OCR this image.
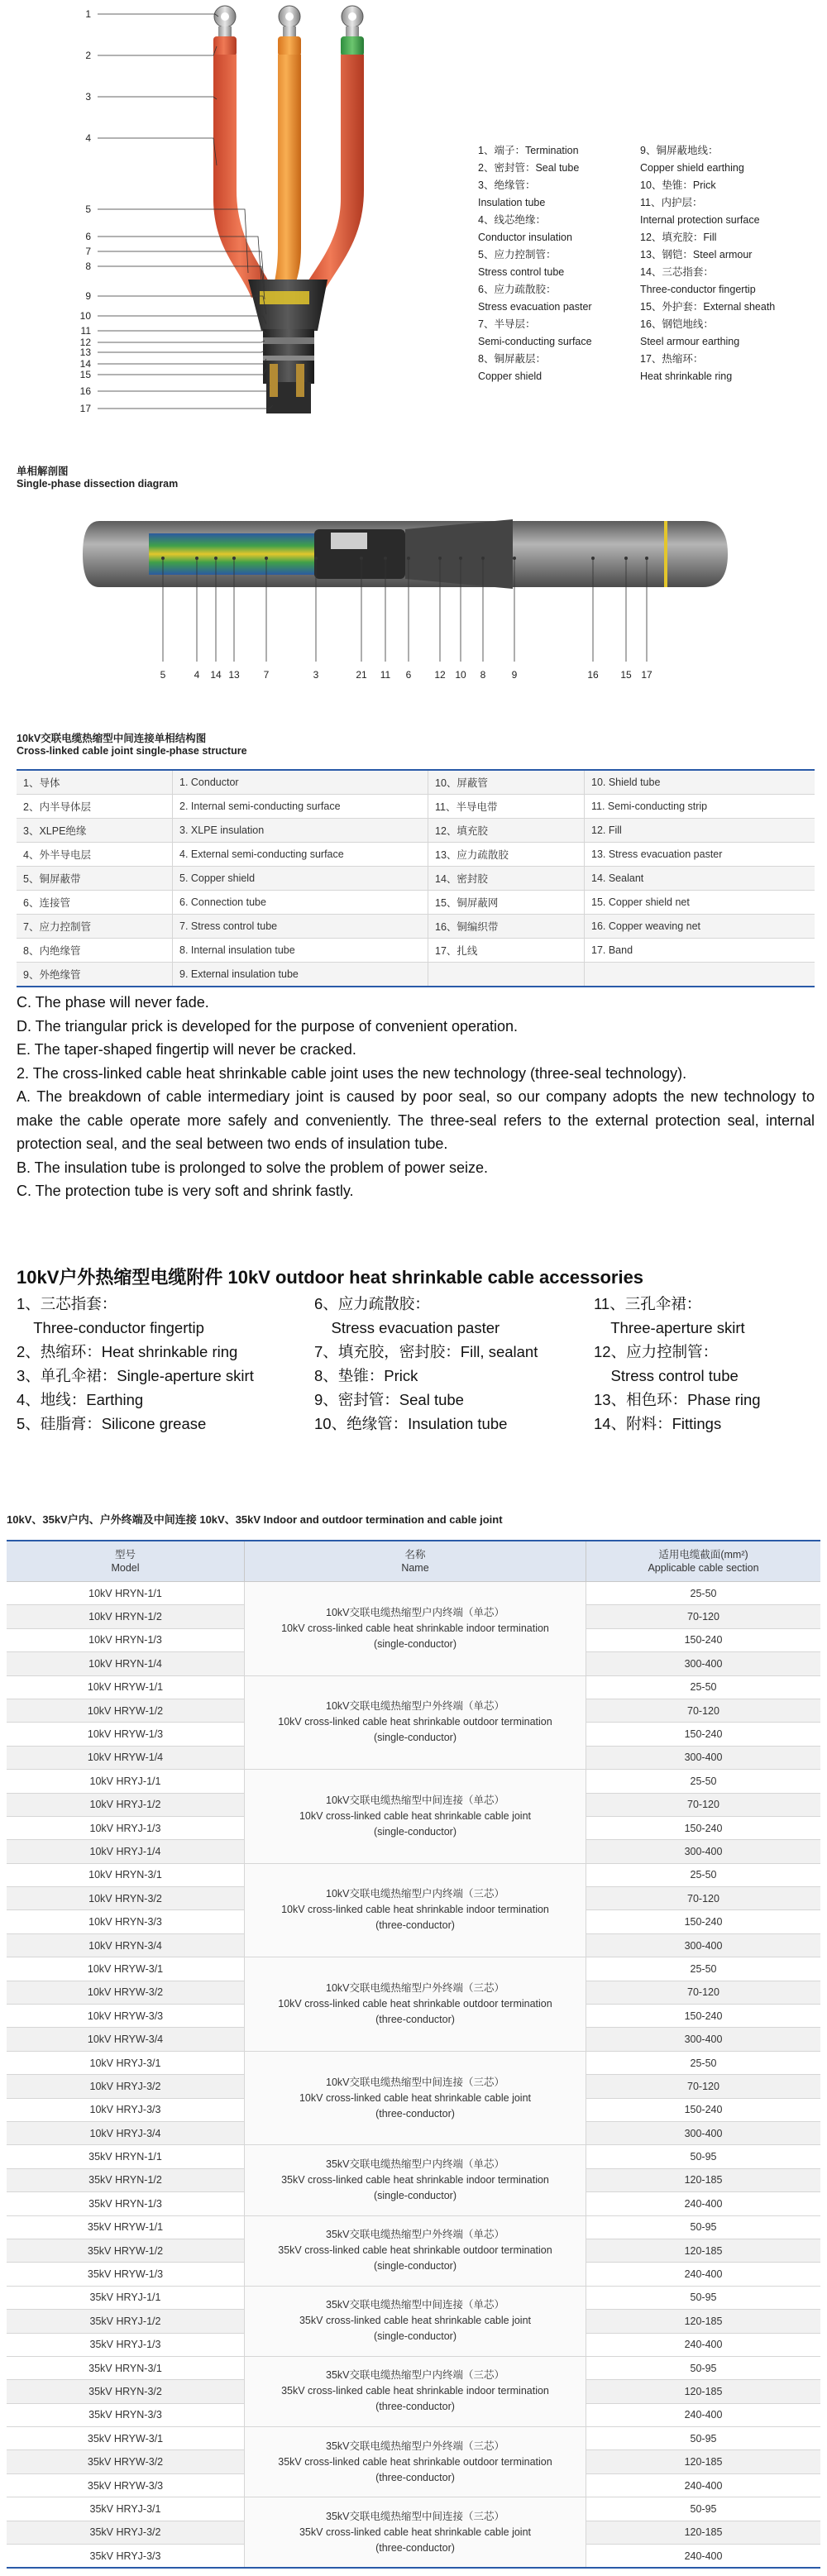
1
2
3
4
5
6
7
8
9
10
11
12
13
14
15
16
17
1、端子：Termination
2、密封管：Seal tube
3、绝缘管：
Insulation tube
4、线芯绝缘：
Conductor insulation
5、应力控制管：
Stress control tube
6、应力疏散胶：
Stress evacuation paster
7、半导层：
Semi-conducting surface
8、铜屏蔽层：
Copper shield
9、铜屏蔽地线：
Copper shield earthing
10、垫锥：Prick
11、内护层：
Internal protection surface
12、填充胶：Fill
13、钢铠：Steel armour
14、三芯指套：
Three-conductor fingertip
15、外护套：External sheath
16、钢铠地线：
Steel armour earthing
17、热缩环：
Heat shrinkable ring
单相解剖图
Single-phase dissection diagram
5	4 14 13 7	3	21 11 6 12 10 8	9	16 15 17
10kV交联电缆热缩型中间连接单相结构图
Cross-linked cable joint single-phase structure
1、导体	1. Conductor	10、屏蔽管	10. Shield tube
2、内半导体层	2. Internal semi-conducting surface	11、半导电带	11. Semi-conducting strip
3、XLPE绝缘	3. XLPE insulation	12、填充胶	12. Fill
4、外半导电层	4. External semi-conducting surface	13、应力疏散胶	13. Stress evacuation paster
5、铜屏蔽带	5. Copper shield	14、密封胶	14. Sealant
6、连接管	6. Connection tube	15、铜屏蔽网	15. Copper shield net
7、应力控制管	7. Stress control tube	16、铜编织带	16. Copper weaving net
8、内绝缘管	8. Internal insulation tube	17、扎线	17. Band
9、外绝缘管	9. External insulation tube		

C. The phase will never fade.

D. The triangular prick is developed for the purpose of convenient operation.

E. The taper-shaped fingertip will never be cracked.

2. The cross-linked cable heat shrinkable cable joint uses the new technology (three-seal technology).

A. The breakdown of cable intermediary joint is caused by poor seal, so our company adopts the new technology to make the cable operate more safely and conveniently. The three-seal refers to the external protection seal, internal protection seal, and the seal between two ends of insulation tube.

B. The insulation tube is prolonged to solve the problem of power seize.

C. The protection tube is very soft and shrink fastly.

10kV户外热缩型电缆附件 10kV outdoor heat shrinkable cable accessories
1、三芯指套：
Three-conductor fingertip
2、热缩环：Heat shrinkable ring
3、单孔伞裙：Single-aperture skirt
4、地线：Earthing
5、硅脂膏：Silicone grease
6、应力疏散胶：
Stress evacuation paster
7、填充胶，密封胶：Fill, sealant
8、垫锥：Prick
9、密封管：Seal tube
10、绝缘管：Insulation tube
11、三孔伞裙：
Three-aperture skirt
12、应力控制管：
Stress control tube
13、相色环：Phase ring
14、附料：Fittings
10kV、35kV户内、户外终端及中间连接 10kV、35kV Indoor and outdoor termination and cable joint
型号
Model	名称
Name	适用电缆截面(mm²)
Applicable cable section
10kV HRYN-1/1	10kV交联电缆热缩型户内终端（单芯）
10kV cross-linked cable heat shrinkable indoor termination
(single-conductor)	25-50
10kV HRYN-1/2		70-120
10kV HRYN-1/3		150-240
10kV HRYN-1/4		300-400
10kV HRYW-1/1	10kV交联电缆热缩型户外终端（单芯）
10kV cross-linked cable heat shrinkable outdoor termination
(single-conductor)	25-50
10kV HRYW-1/2		70-120
10kV HRYW-1/3		150-240
10kV HRYW-1/4		300-400
10kV HRYJ-1/1	10kV交联电缆热缩型中间连接（单芯）
10kV cross-linked cable heat shrinkable cable joint
(single-conductor)	25-50
10kV HRYJ-1/2		70-120
10kV HRYJ-1/3		150-240
10kV HRYJ-1/4		300-400
10kV HRYN-3/1	10kV交联电缆热缩型户内终端（三芯）
10kV cross-linked cable heat shrinkable indoor termination
(three-conductor)	25-50
10kV HRYN-3/2		70-120
10kV HRYN-3/3		150-240
10kV HRYN-3/4		300-400
10kV HRYW-3/1	10kV交联电缆热缩型户外终端（三芯）
10kV cross-linked cable heat shrinkable outdoor termination
(three-conductor)	25-50
10kV HRYW-3/2		70-120
10kV HRYW-3/3		150-240
10kV HRYW-3/4		300-400
10kV HRYJ-3/1	10kV交联电缆热缩型中间连接（三芯）
10kV cross-linked cable heat shrinkable cable joint
(three-conductor)	25-50
10kV HRYJ-3/2		70-120
10kV HRYJ-3/3		150-240
10kV HRYJ-3/4		300-400
35kV HRYN-1/1	35kV交联电缆热缩型户内终端（单芯）
35kV cross-linked cable heat shrinkable indoor termination
(single-conductor)	50-95
35kV HRYN-1/2		120-185
35kV HRYN-1/3		240-400
35kV HRYW-1/1	35kV交联电缆热缩型户外终端（单芯）
35kV cross-linked cable heat shrinkable outdoor termination
(single-conductor)	50-95
35kV HRYW-1/2		120-185
35kV HRYW-1/3		240-400
35kV HRYJ-1/1	35kV交联电缆热缩型中间连接（单芯）
35kV cross-linked cable heat shrinkable cable joint
(single-conductor)	50-95
35kV HRYJ-1/2		120-185
35kV HRYJ-1/3		240-400
35kV HRYN-3/1	35kV交联电缆热缩型户内终端（三芯）
35kV cross-linked cable heat shrinkable indoor termination
(three-conductor)	50-95
35kV HRYN-3/2		120-185
35kV HRYN-3/3		240-400
35kV HRYW-3/1	35kV交联电缆热缩型户外终端（三芯）
35kV cross-linked cable heat shrinkable outdoor termination
(three-conductor)	50-95
35kV HRYW-3/2		120-185
35kV HRYW-3/3		240-400
35kV HRYJ-3/1	35kV交联电缆热缩型中间连接（三芯）
35kV cross-linked cable heat shrinkable cable joint
(three-conductor)	50-95
35kV HRYJ-3/2		120-185
35kV HRYJ-3/3		240-400
